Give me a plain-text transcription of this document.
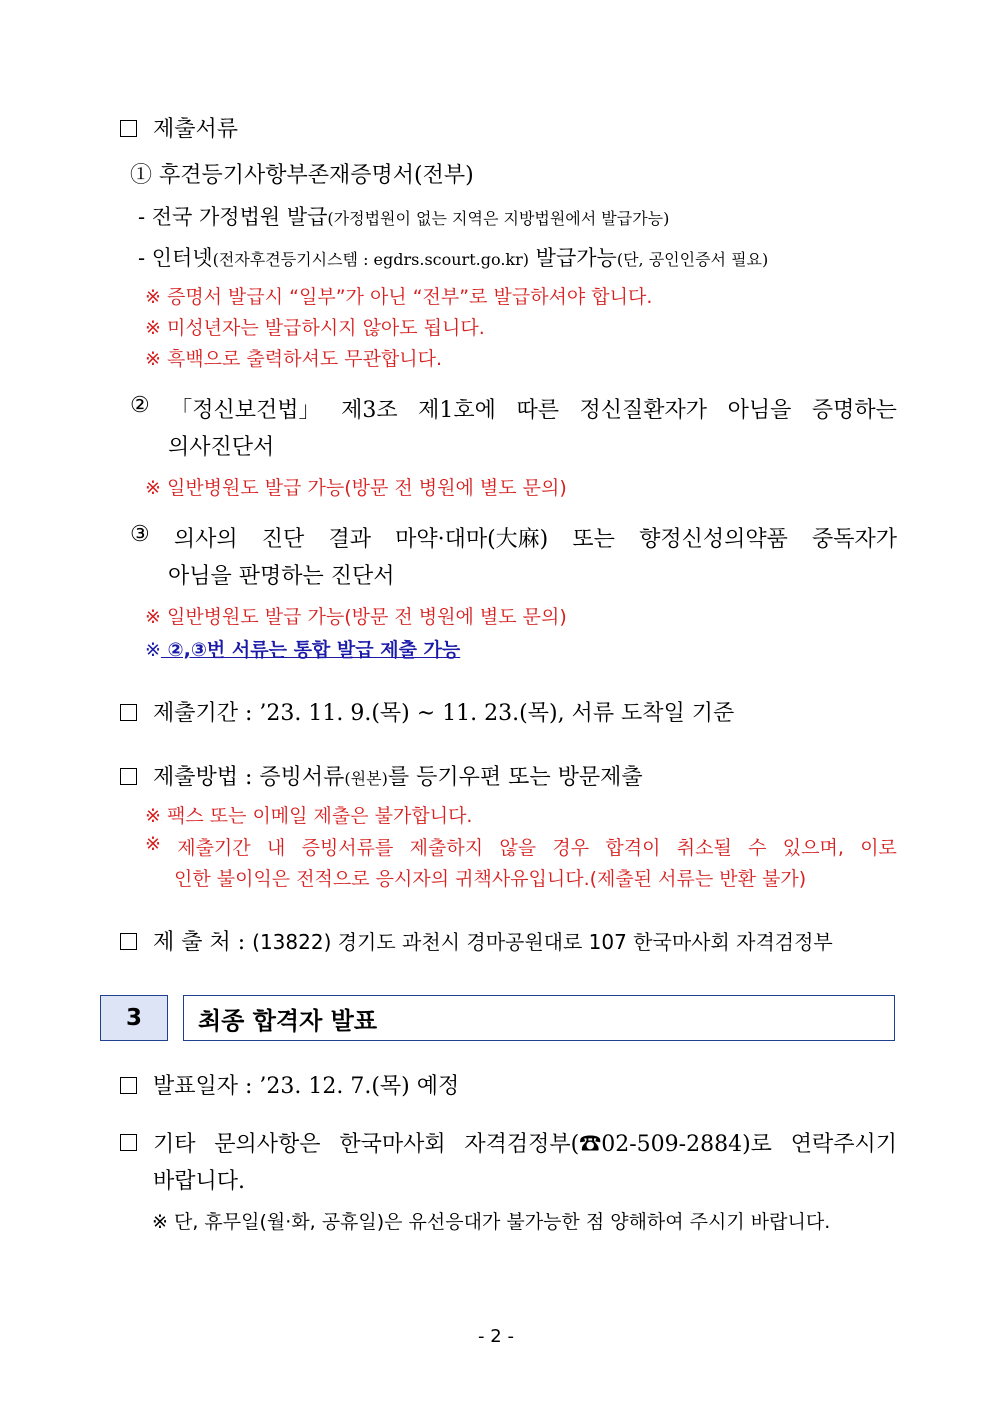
제출서류
① 후견등기사항부존재증명서(전부)
- 전국 가정법원 발급(가정법원이 없는 지역은 지방법원에서 발급가능)
- 인터넷(전자후견등기시스템 : egdrs.scourt.go.kr) 발급가능(단, 공인인증서 필요)
※ 증명서 발급시 “일부”가 아닌 “전부”로 발급하셔야 합니다.
※ 미성년자는 발급하시지 않아도 됩니다.
※ 흑백으로 출력하셔도 무관합니다.
② 「정신보건법」 제3조 제1호에 따른 정신질환자가 아님을 증명하는
의사진단서
※ 일반병원도 발급 가능(방문 전 병원에 별도 문의)
③ 의사의 진단 결과 마약·대마(大麻) 또는 향정신성의약품 중독자가
아님을 판명하는 진단서
※ 일반병원도 발급 가능(방문 전 병원에 별도 문의)
※ ②,③번 서류는 통합 발급 제출 가능
제출기간 : ’23. 11. 9.(목) ~ 11. 23.(목), 서류 도착일 기준
제출방법 : 증빙서류(원본)를 등기우편 또는 방문제출
※ 팩스 또는 이메일 제출은 불가합니다.
※ 제출기간 내 증빙서류를 제출하지 않을 경우 합격이 취소될 수 있으며, 이로
인한 불이익은 전적으로 응시자의 귀책사유입니다.(제출된 서류는 반환 불가)
제 출 처 : (13822) 경기도 과천시 경마공원대로 107 한국마사회 자격검정부
3	최종 합격자 발표
발표일자 : ’23. 12. 7.(목) 예정
기타 문의사항은 한국마사회 자격검정부(☎02-509-2884)로 연락주시기
바랍니다.
※ 단, 휴무일(월·화, 공휴일)은 유선응대가 불가능한 점 양해하여 주시기 바랍니다.
- 2 -
